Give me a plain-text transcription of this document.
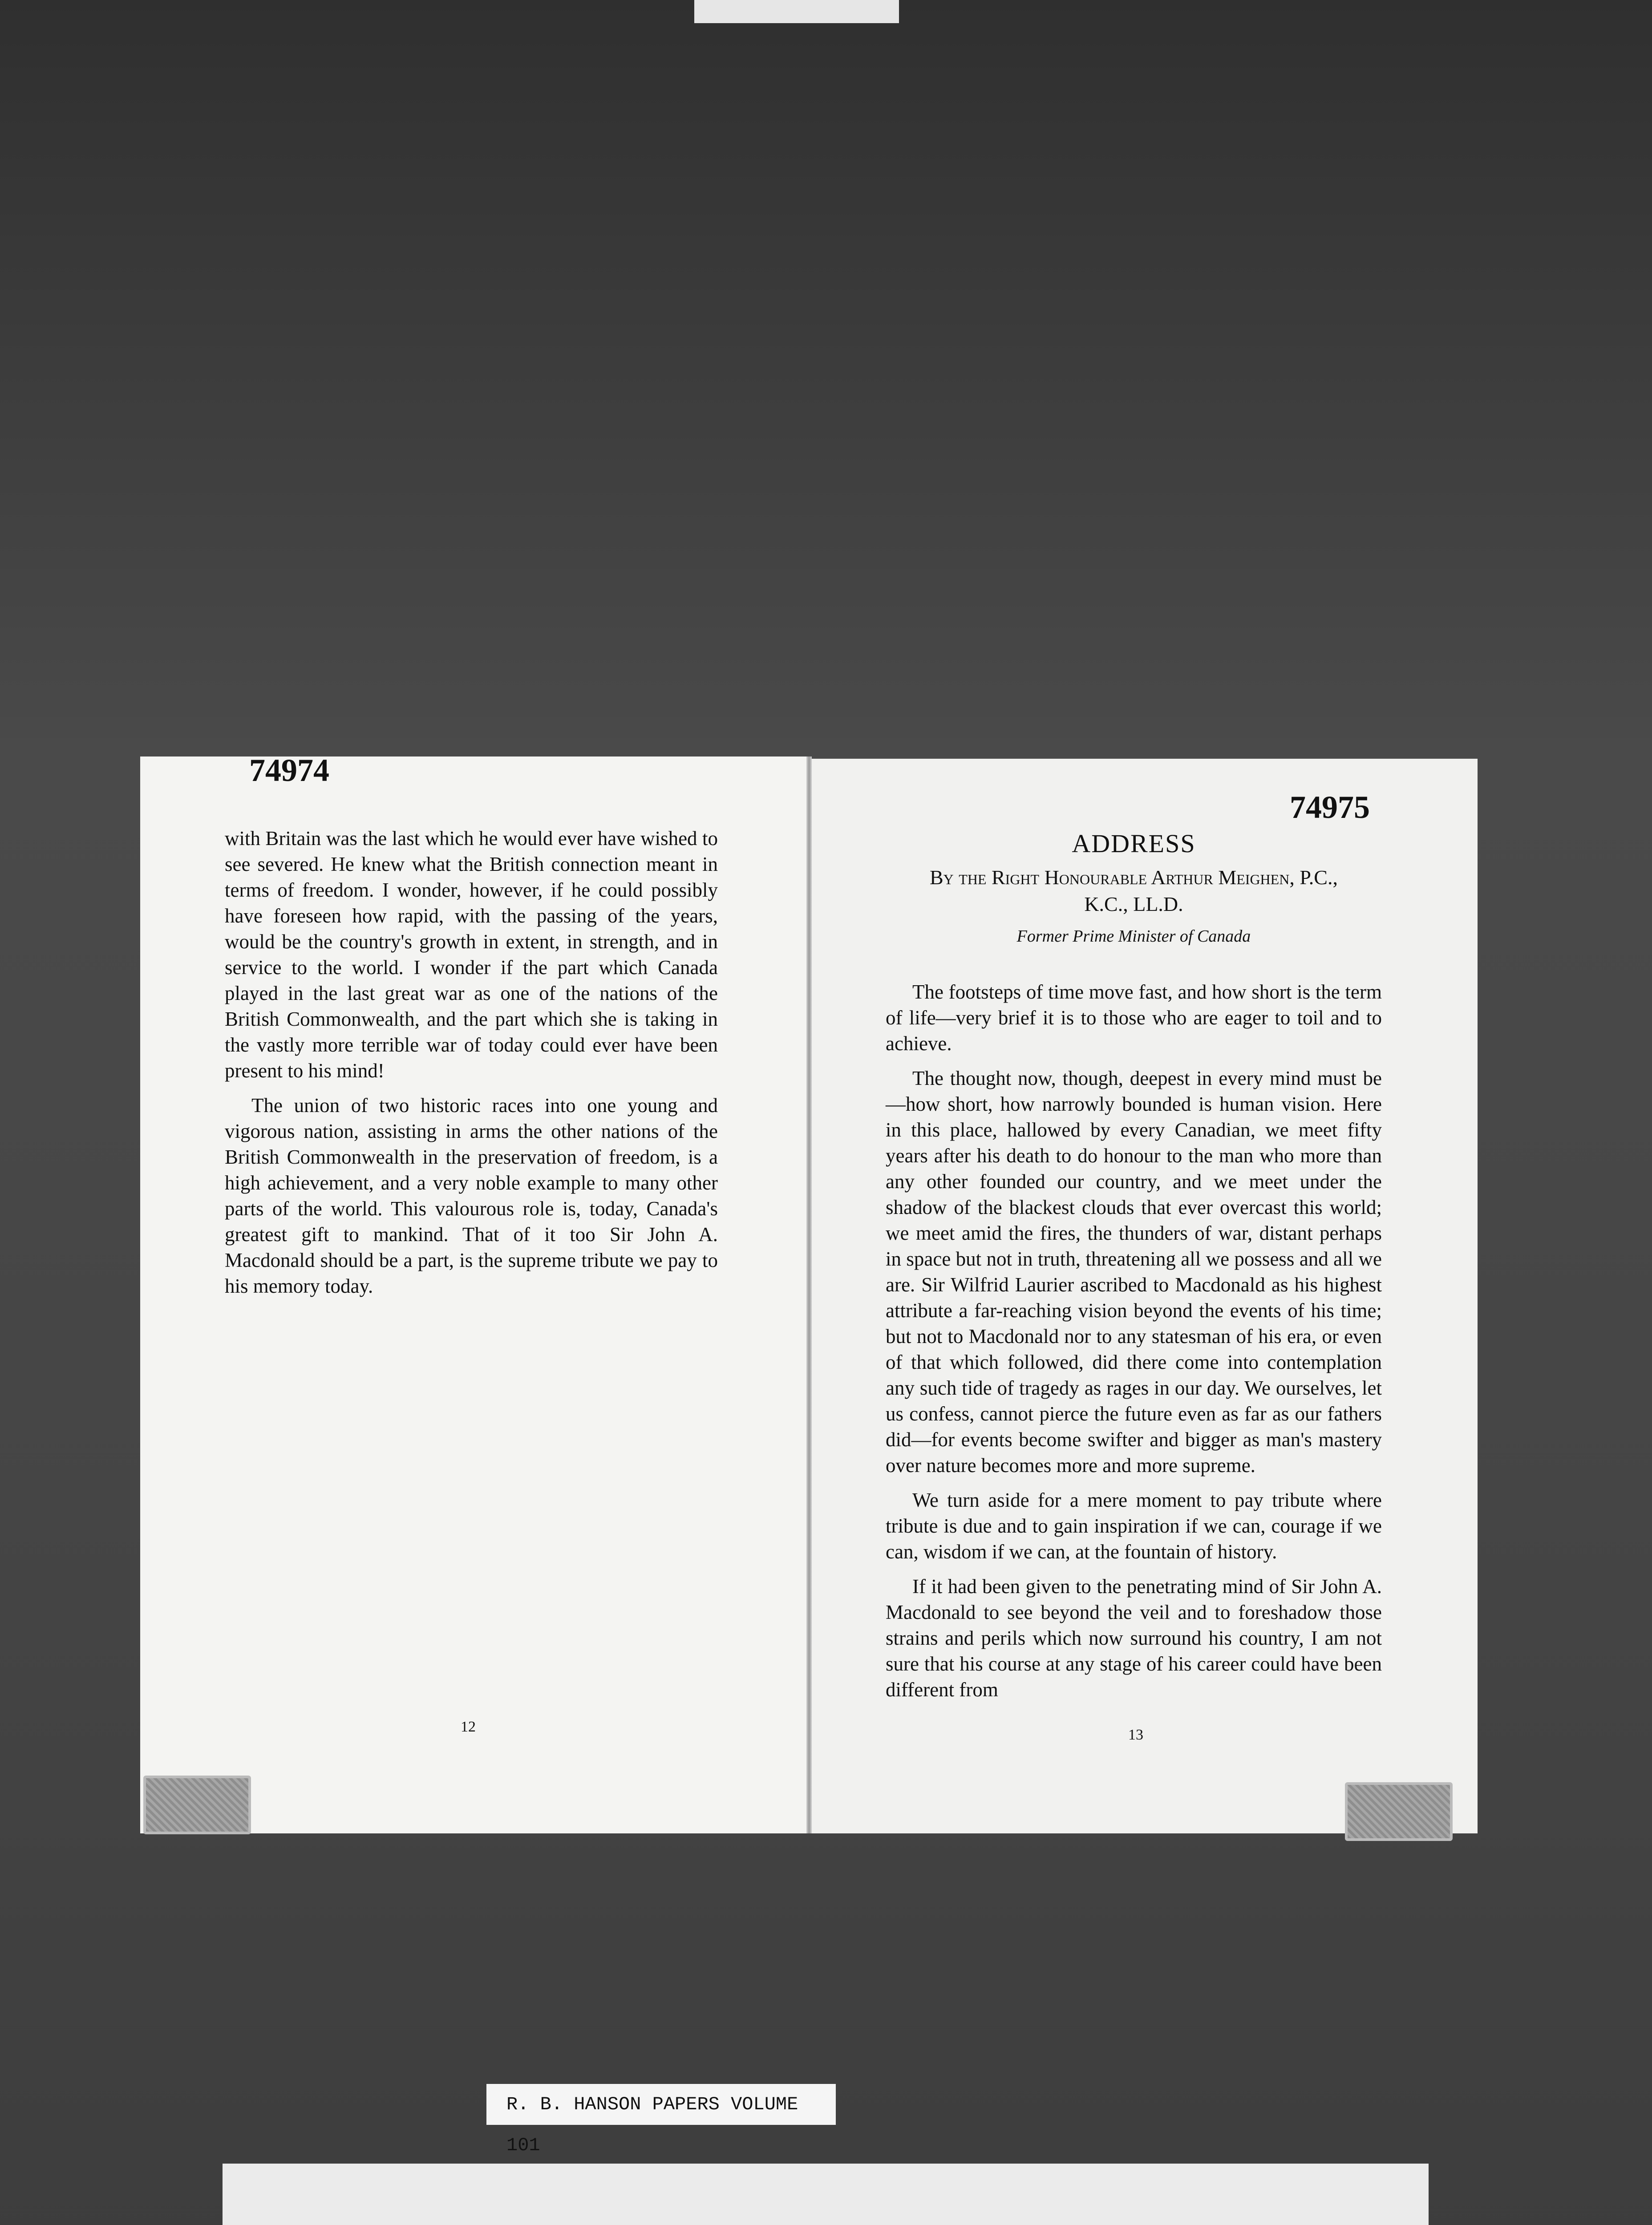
74974

with Britain was the last which he would ever have wished to see severed. He knew what the British connection meant in terms of freedom. I wonder, however, if he could possibly have foreseen how rapid, with the passing of the years, would be the country's growth in extent, in strength, and in service to the world. I wonder if the part which Canada played in the last great war as one of the nations of the British Commonwealth, and the part which she is taking in the vastly more terrible war of today could ever have been present to his mind!

The union of two historic races into one young and vigorous nation, assisting in arms the other nations of the British Commonwealth in the preservation of freedom, is a high achievement, and a very noble example to many other parts of the world. This valourous role is, today, Canada's greatest gift to mankind. That of it too Sir John A. Macdonald should be a part, is the supreme tribute we pay to his memory today.

12
74975
ADDRESS
By the Right Honourable Arthur Meighen, P.C.,
K.C., LL.D.
Former Prime Minister of Canada

The footsteps of time move fast, and how short is the term of life—very brief it is to those who are eager to toil and to achieve.

The thought now, though, deepest in every mind must be—how short, how narrowly bounded is human vision. Here in this place, hallowed by every Canadian, we meet fifty years after his death to do honour to the man who more than any other founded our country, and we meet under the shadow of the blackest clouds that ever overcast this world; we meet amid the fires, the thunders of war, distant perhaps in space but not in truth, threatening all we possess and all we are. Sir Wilfrid Laurier ascribed to Macdonald as his highest attribute a far-reaching vision beyond the events of his time; but not to Macdonald nor to any statesman of his era, or even of that which followed, did there come into contemplation any such tide of tragedy as rages in our day. We ourselves, let us confess, cannot pierce the future even as far as our fathers did—for events become swifter and bigger as man's mastery over nature becomes more and more supreme.

We turn aside for a mere moment to pay tribute where tribute is due and to gain inspiration if we can, courage if we can, wisdom if we can, at the fountain of history.

If it had been given to the penetrating mind of Sir John A. Macdonald to see beyond the veil and to foreshadow those strains and perils which now surround his country, I am not sure that his course at any stage of his career could have been different from

13
R. B. HANSON PAPERS VOLUME 101
